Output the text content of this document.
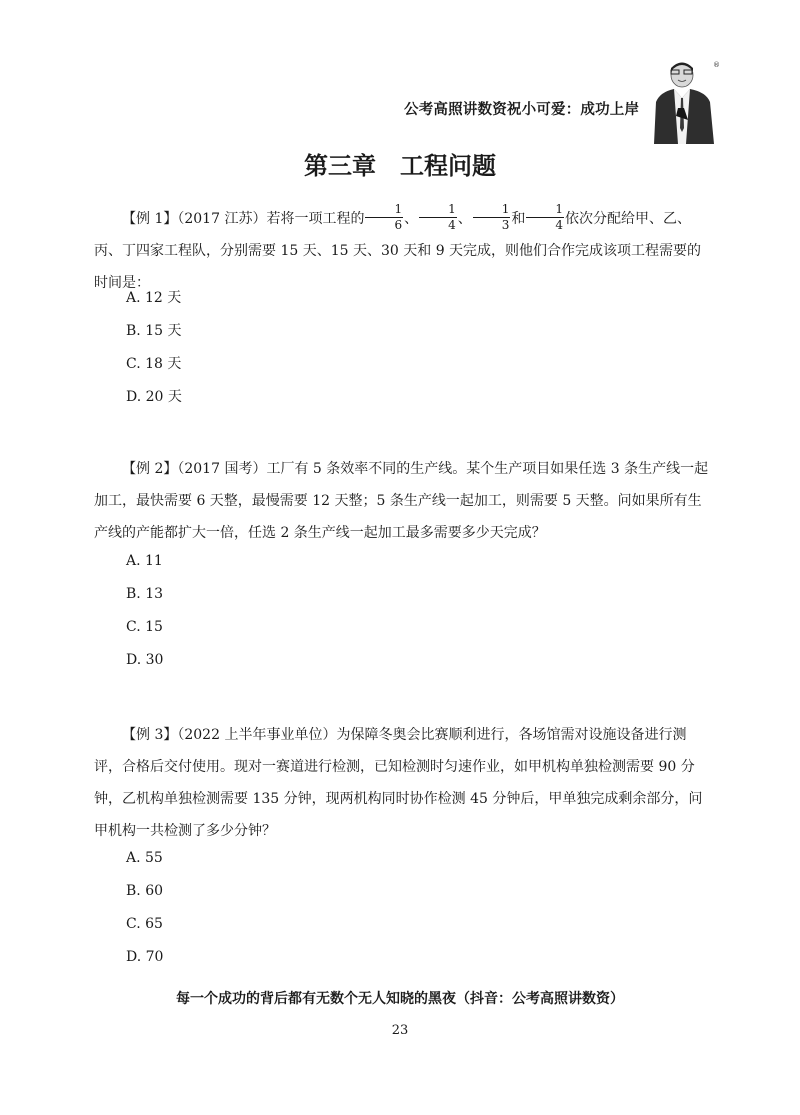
公考高照讲数资祝小可爱：成功上岸
®
第三章　工程问题

【例 1】（2017 江苏）若将一项工程的 $\frac{1}{6}$ 、 $\frac{1}{4}$ 、 $\frac{1}{3}$ 和 $\frac{1}{4}$ 依次分配给甲、乙、丙、丁四家工程队，分别需要 15 天、15 天、30 天和 9 天完成，则他们合作完成该项工程需要的时间是：

A. 12 天

B. 15 天

C. 18 天

D. 20 天

【例 2】（2017 国考）工厂有 5 条效率不同的生产线。某个生产项目如果任选 3 条生产线一起加工，最快需要 6 天整，最慢需要 12 天整；5 条生产线一起加工，则需要 5 天整。问如果所有生产线的产能都扩大一倍，任选 2 条生产线一起加工最多需要多少天完成？

A. 11

B. 13

C. 15

D. 30

【例 3】（2022 上半年事业单位）为保障冬奥会比赛顺利进行，各场馆需对设施设备进行测评，合格后交付使用。现对一赛道进行检测，已知检测时匀速作业，如甲机构单独检测需要 90 分钟，乙机构单独检测需要 135 分钟，现两机构同时协作检测 45 分钟后，甲单独完成剩余部分，问甲机构一共检测了多少分钟？

A. 55

B. 60

C. 65

D. 70

每一个成功的背后都有无数个无人知晓的黑夜（抖音：公考高照讲数资）
23
